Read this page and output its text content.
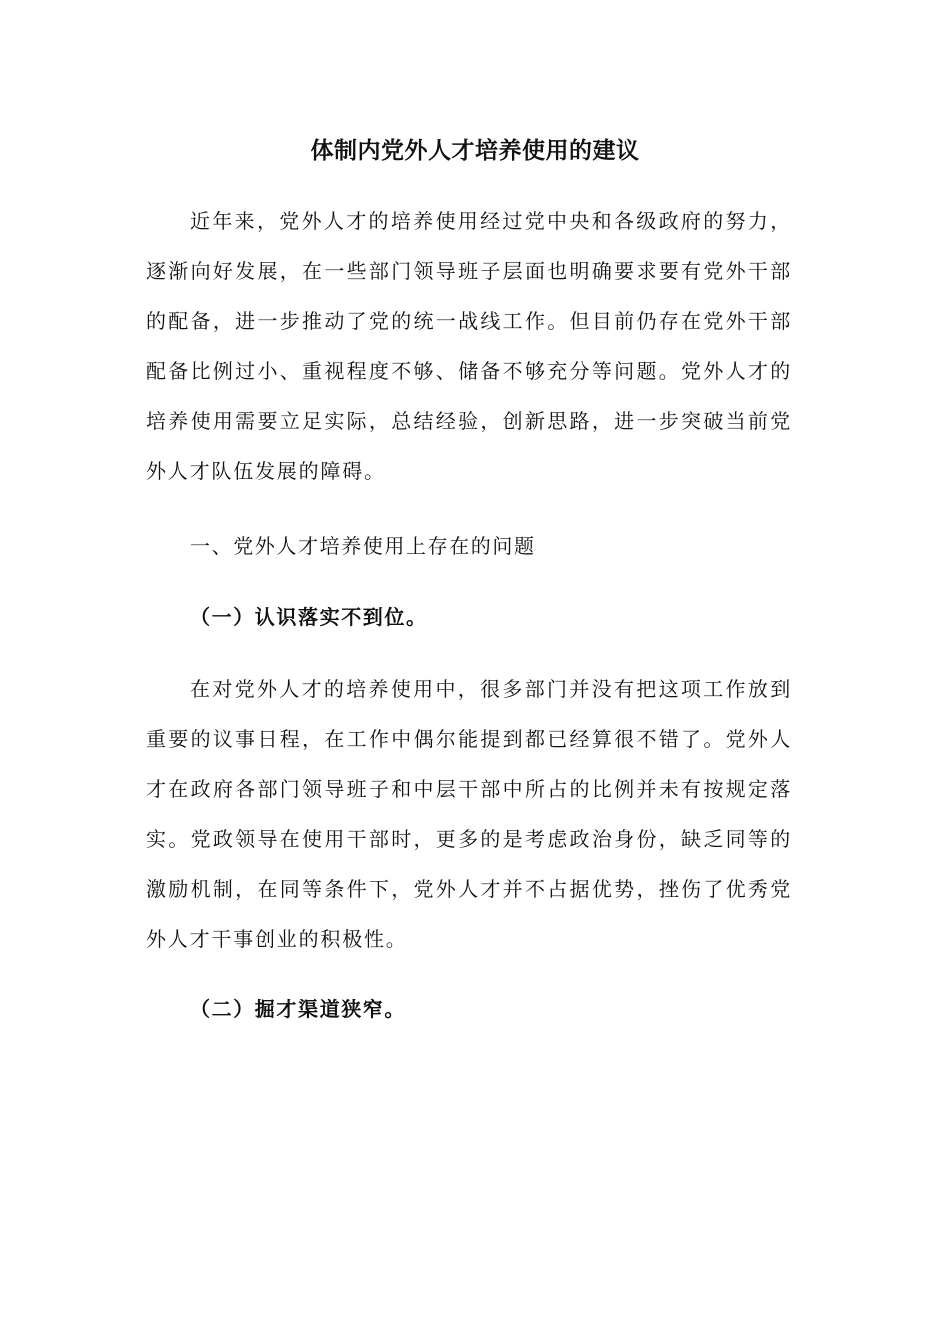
体制内党外人才培养使用的建议

近年来，党外人才的培养使用经过党中央和各级政府的努力，逐渐向好发展，在一些部门领导班子层面也明确要求要有党外干部的配备，进一步推动了党的统一战线工作。但目前仍存在党外干部配备比例过小、重视程度不够、储备不够充分等问题。党外人才的培养使用需要立足实际，总结经验，创新思路，进一步突破当前党外人才队伍发展的障碍。

一、党外人才培养使用上存在的问题
（一）认识落实不到位。

在对党外人才的培养使用中，很多部门并没有把这项工作放到重要的议事日程，在工作中偶尔能提到都已经算很不错了。党外人才在政府各部门领导班子和中层干部中所占的比例并未有按规定落实。党政领导在使用干部时，更多的是考虑政治身份，缺乏同等的激励机制，在同等条件下，党外人才并不占据优势，挫伤了优秀党外人才干事创业的积极性。

（二）掘才渠道狭窄。
